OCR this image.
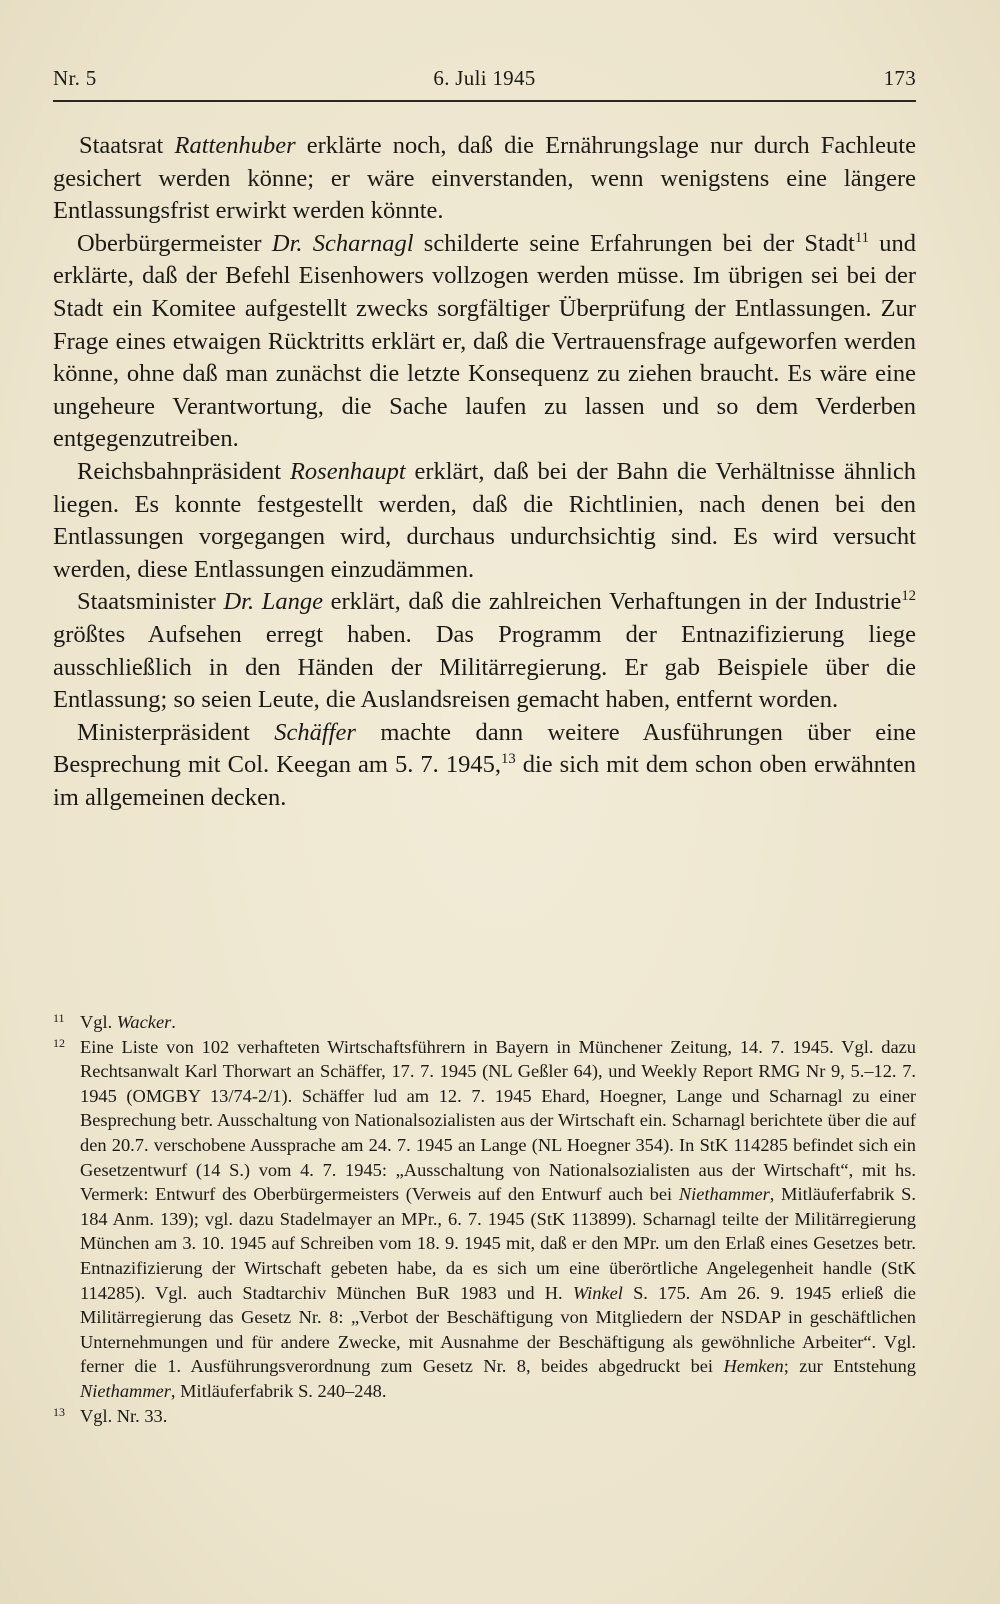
Nr. 5	6. Juli 1945	173

Staatsrat Rattenhuber erklärte noch, daß die Ernährungslage nur durch Fachleute gesichert werden könne; er wäre einverstanden, wenn wenigstens eine längere Entlassungsfrist erwirkt werden könnte.

Oberbürgermeister Dr. Scharnagl schilderte seine Erfahrungen bei der Stadt$^{11}$ und erklärte, daß der Befehl Eisenhowers vollzogen werden müsse. Im übrigen sei bei der Stadt ein Komitee aufgestellt zwecks sorgfältiger Überprüfung der Entlassungen. Zur Frage eines etwaigen Rücktritts erklärt er, daß die Vertrauensfrage aufgeworfen werden könne, ohne daß man zunächst die letzte Konsequenz zu ziehen braucht. Es wäre eine ungeheure Verantwortung, die Sache laufen zu lassen und so dem Verderben entgegenzutreiben.

Reichsbahnpräsident Rosenhaupt erklärt, daß bei der Bahn die Verhältnisse ähnlich liegen. Es konnte festgestellt werden, daß die Richtlinien, nach denen bei den Entlassungen vorgegangen wird, durchaus undurchsichtig sind. Es wird versucht werden, diese Entlassungen einzudämmen.

Staatsminister Dr. Lange erklärt, daß die zahlreichen Verhaftungen in der Industrie$^{12}$ größtes Aufsehen erregt haben. Das Programm der Entnazifizierung liege ausschließlich in den Händen der Militärregierung. Er gab Beispiele über die Entlassung; so seien Leute, die Auslandsreisen gemacht haben, entfernt worden.

Ministerpräsident Schäffer machte dann weitere Ausführungen über eine Besprechung mit Col. Keegan am 5. 7. 1945,13 die sich mit dem schon oben erwähnten im allgemeinen decken.

11 Vgl. Wacker.

12 Eine Liste von 102 verhafteten Wirtschaftsführern in Bayern in Münchener Zeitung, 14. 7. 1945. Vgl. dazu Rechtsanwalt Karl Thorwart an Schäffer, 17. 7. 1945 (NL Geßler 64), und Weekly Report RMG Nr 9, 5.–12. 7. 1945 (OMGBY 13/74-2/1). Schäffer lud am 12. 7. 1945 Ehard, Hoegner, Lange und Scharnagl zu einer Besprechung betr. Ausschaltung von Nationalsozialisten aus der Wirtschaft ein. Scharnagl berichtete über die auf den 20.7. verschobene Aussprache am 24. 7. 1945 an Lange (NL Hoegner 354). In StK 114285 befindet sich ein Gesetzentwurf (14 S.) vom 4. 7. 1945: „Ausschaltung von Nationalsozialisten aus der Wirtschaft“, mit hs. Vermerk: Entwurf des Oberbürgermeisters (Verweis auf den Entwurf auch bei Niethammer, Mitläuferfabrik S. 184 Anm. 139); vgl. dazu Stadelmayer an MPr., 6. 7. 1945 (StK 113899). Scharnagl teilte der Militärregierung München am 3. 10. 1945 auf Schreiben vom 18. 9. 1945 mit, daß er den MPr. um den Erlaß eines Gesetzes betr. Entnazifizierung der Wirtschaft gebeten habe, da es sich um eine überörtliche Angelegenheit handle (StK 114285). Vgl. auch Stadtarchiv München BuR 1983 und H. Winkel S. 175. Am 26. 9. 1945 erließ die Militärregierung das Gesetz Nr. 8: „Verbot der Beschäftigung von Mitgliedern der NSDAP in geschäftlichen Unternehmungen und für andere Zwecke, mit Ausnahme der Beschäftigung als gewöhnliche Arbeiter“. Vgl. ferner die 1. Ausführungsverordnung zum Gesetz Nr. 8, beides abgedruckt bei Hemken; zur Entstehung Niethammer, Mitläuferfabrik S. 240–248.

13 Vgl. Nr. 33.
